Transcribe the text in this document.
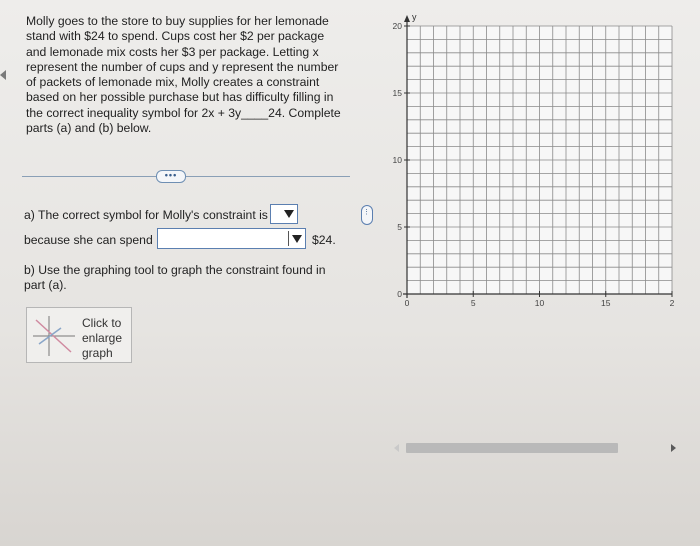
Molly goes to the store to buy supplies for her lemonade stand with $24 to spend. Cups cost her $2 per package and lemonade mix costs her $3 per package. Letting x represent the number of cups and y represent the number of packets of lemonade mix, Molly creates a constraint based on her possible purchase but has difficulty filling in the correct inequality symbol for 2x + 3y____24. Complete parts (a) and (b) below.
•••
a) The correct symbol for Molly's constraint is
because she can spend	$24.
b) Use the graphing tool to graph the constraint found in part (a).
Click to enlarge graph
⋮
y
20
15
10
5
0
0	5	10	15	2
